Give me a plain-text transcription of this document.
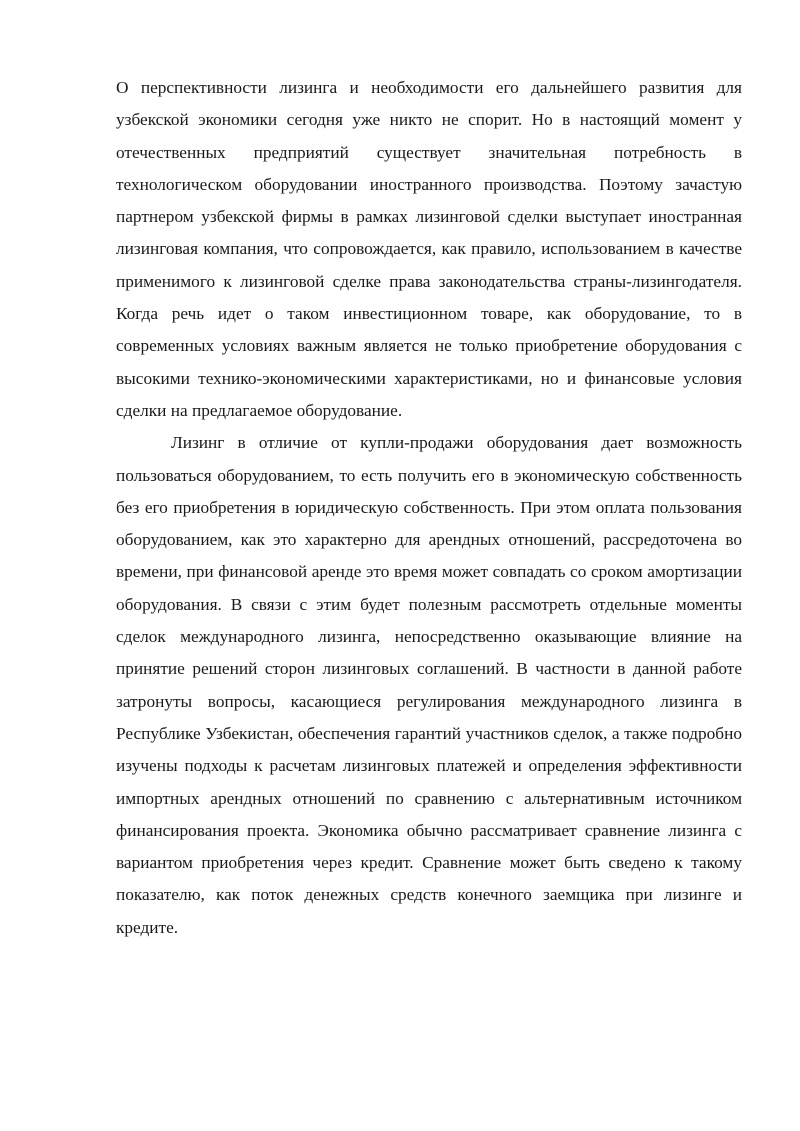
О перспективности лизинга и необходимости его дальнейшего развития для узбекской экономики сегодня уже никто не спорит. Но в настоящий момент у отечественных предприятий существует значительная потребность в технологическом оборудовании иностранного производства. Поэтому зачастую партнером узбекской фирмы в рамках лизинговой сделки выступает иностранная лизинговая компания, что сопровождается, как правило, использованием в качестве применимого к лизинговой сделке права законодательства страны-лизингодателя. Когда речь идет о таком инвестиционном товаре, как оборудование, то в современных условиях важным является не только приобретение оборудования с высокими технико-экономическими характеристиками, но и финансовые условия сделки на предлагаемое оборудование.

Лизинг в отличие от купли-продажи оборудования дает возможность пользоваться оборудованием, то есть получить его в экономическую собственность без его приобретения в юридическую собственность. При этом оплата пользования оборудованием, как это характерно для арендных отношений, рассредоточена во времени, при финансовой аренде это время может совпадать со сроком амортизации оборудования. В связи с этим будет полезным рассмотреть отдельные моменты сделок международного лизинга, непосредственно оказывающие влияние на принятие решений сторон лизинговых соглашений. В частности в данной работе затронуты вопросы, касающиеся регулирования международного лизинга в Республике Узбекистан, обеспечения гарантий участников сделок, а также подробно изучены подходы к расчетам лизинговых платежей и определения эффективности импортных арендных отношений по сравнению с альтернативным источником финансирования проекта. Экономика обычно рассматривает сравнение лизинга с вариантом приобретения через кредит. Сравнение может быть сведено к такому показателю, как поток денежных средств конечного заемщика при лизинге и кредите.
